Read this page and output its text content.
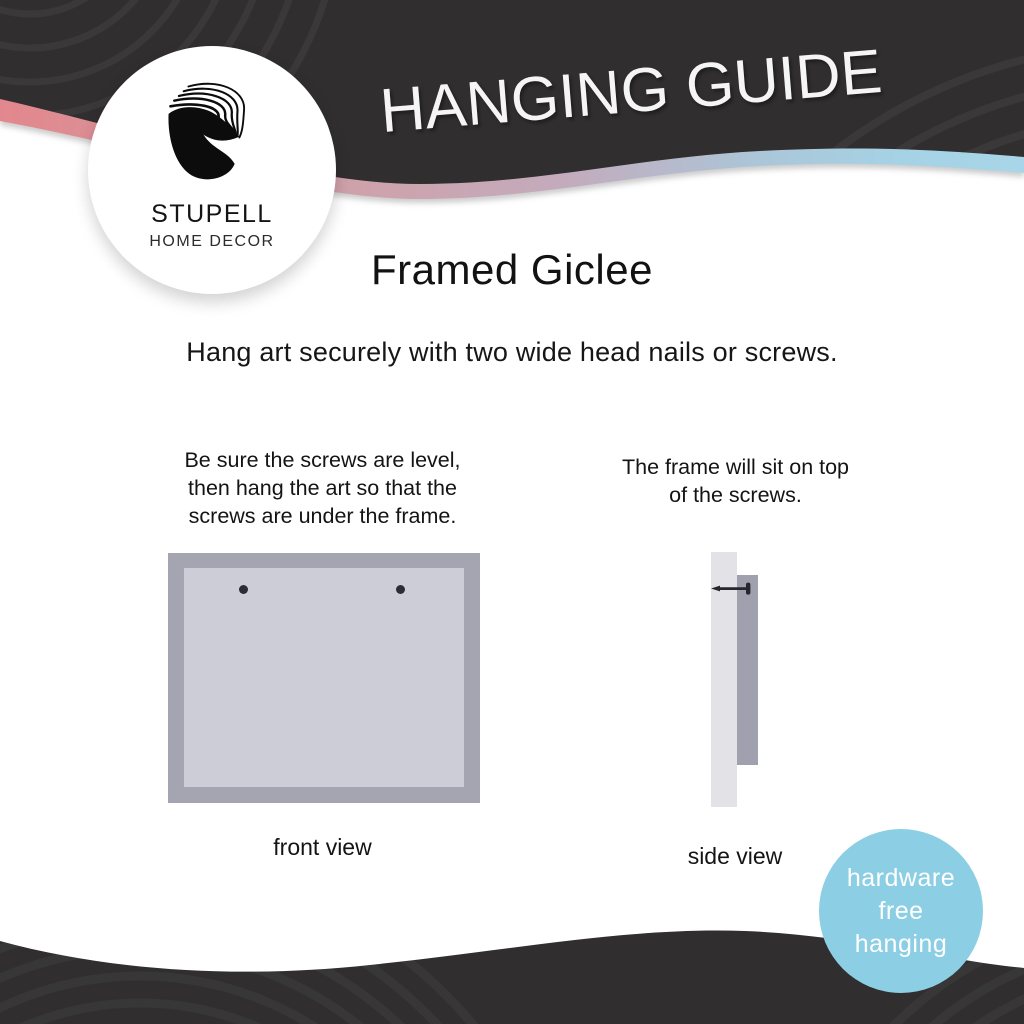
HANGING GUIDE
STUPELL
HOME DECOR
Framed Giclee
Hang art securely with two wide head nails or screws.
Be sure the screws are level,
then hang the art so that the
screws are under the frame.
The frame will sit on top
of the screws.
front view	side view
hardware
free
hanging
